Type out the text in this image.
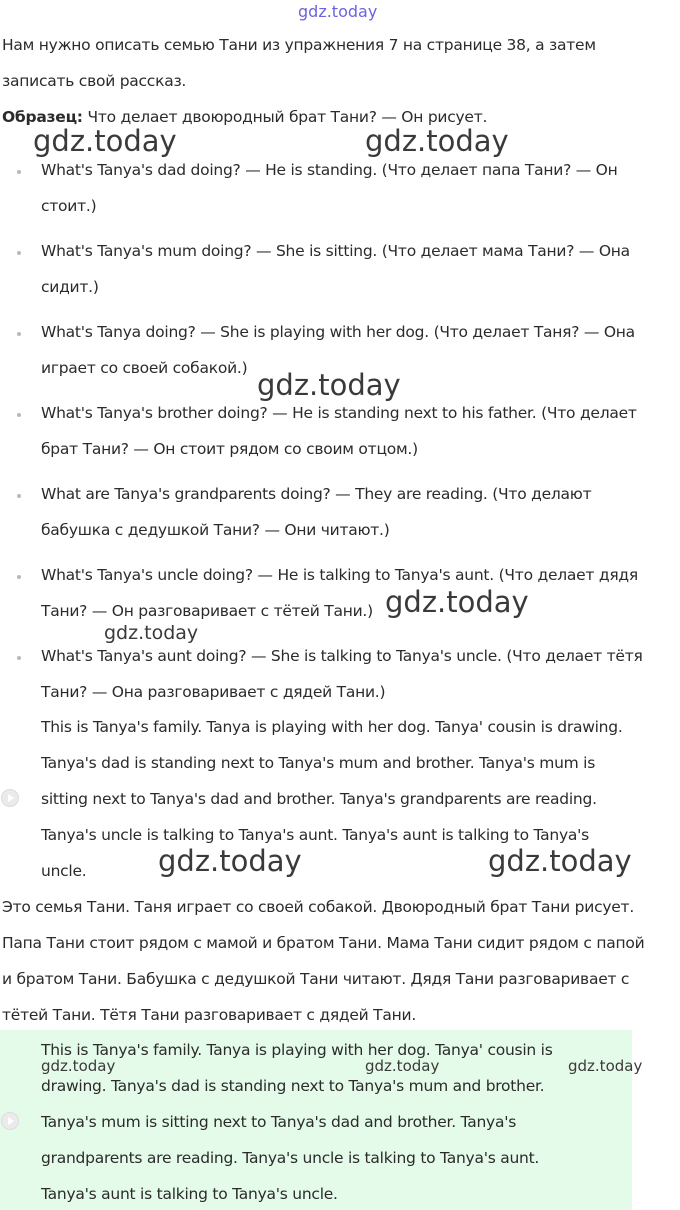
gdz.today
Нам нужно описать семью Тани из упражнения 7 на странице 38, а затем
записать свой рассказ.
Образец: Что делает двоюродный брат Тани? — Он рисует.
What's Tanya's dad doing? — He is standing. (Что делает папа Тани? — Он
стоит.)
What's Tanya's mum doing? — She is sitting. (Что делает мама Тани? — Она
сидит.)
What's Tanya doing? — She is playing with her dog. (Что делает Таня? — Она
играет со своей собакой.)
What's Tanya's brother doing? — He is standing next to his father. (Что делает
брат Тани? — Он стоит рядом со своим отцом.)
What are Tanya's grandparents doing? — They are reading. (Что делают
бабушка с дедушкой Тани? — Они читают.)
What's Tanya's uncle doing? — He is talking to Tanya's aunt. (Что делает дядя
Тани? — Он разговаривает с тётей Тани.)
What's Tanya's aunt doing? — She is talking to Tanya's uncle. (Что делает тётя
Тани? — Она разговаривает с дядей Тани.)
This is Tanya's family. Tanya is playing with her dog. Tanya' cousin is drawing.
Tanya's dad is standing next to Tanya's mum and brother. Tanya's mum is
sitting next to Tanya's dad and brother. Tanya's grandparents are reading.
Tanya's uncle is talking to Tanya's aunt. Tanya's aunt is talking to Tanya's
uncle.
Это семья Тани. Таня играет со своей собакой. Двоюродный брат Тани рисует.
Папа Тани стоит рядом с мамой и братом Тани. Мама Тани сидит рядом с папой
и братом Тани. Бабушка с дедушкой Тани читают. Дядя Тани разговаривает с
тётей Тани. Тётя Тани разговаривает с дядей Тани.
This is Tanya's family. Tanya is playing with her dog. Tanya' cousin is
drawing. Tanya's dad is standing next to Tanya's mum and brother.
Tanya's mum is sitting next to Tanya's dad and brother. Tanya's
grandparents are reading. Tanya's uncle is talking to Tanya's aunt.
Tanya's aunt is talking to Tanya's uncle.
gdz.today	gdz.today
gdz.today
gdz.today
gdz.today
gdz.today	gdz.today
gdz.today	gdz.today	gdz.today
